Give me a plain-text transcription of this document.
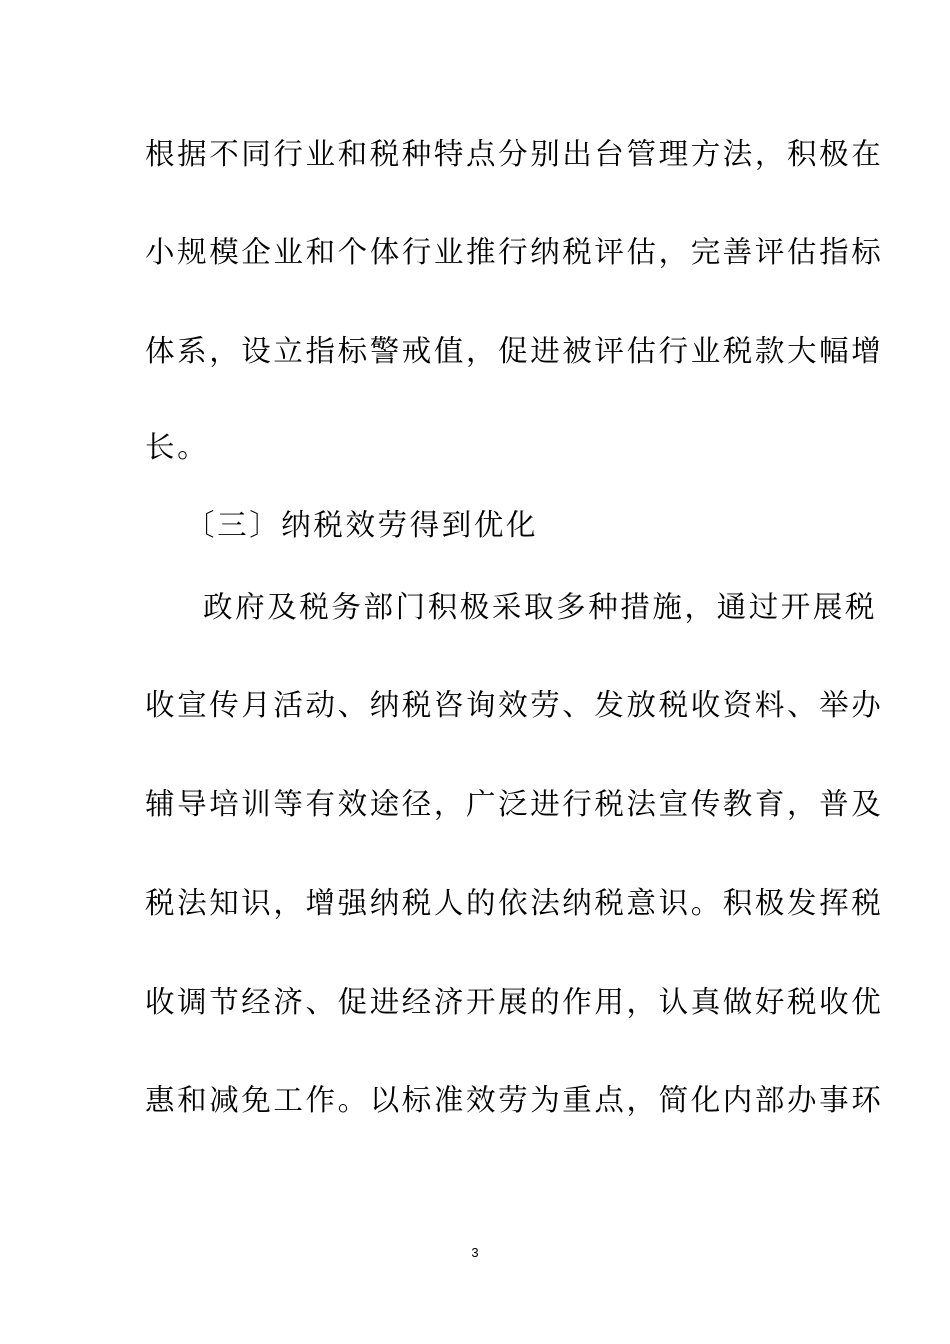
根据不同行业和税种特点分别出台管理方法，积极在
小规模企业和个体行业推行纳税评估，完善评估指标
体系，设立指标警戒值，促进被评估行业税款大幅增
长。
〔三〕纳税效劳得到优化
政府及税务部门积极采取多种措施，通过开展税
收宣传月活动、纳税咨询效劳、发放税收资料、举办
辅导培训等有效途径，广泛进行税法宣传教育，普及
税法知识，增强纳税人的依法纳税意识。积极发挥税
收调节经济、促进经济开展的作用，认真做好税收优
惠和减免工作。以标准效劳为重点，简化内部办事环
3
